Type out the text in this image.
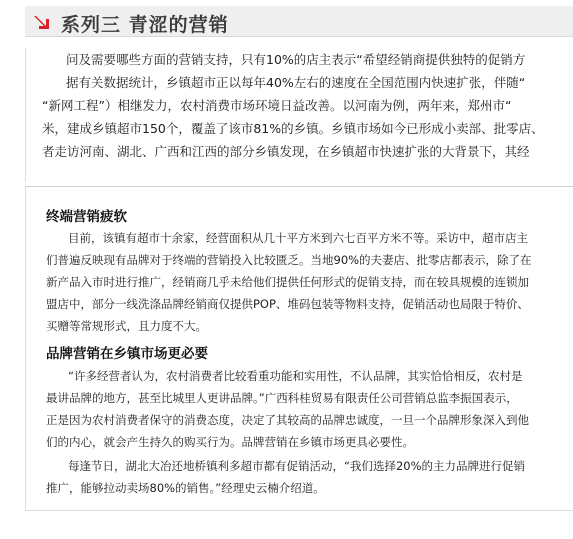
系列三 青涩的营销

问及需要哪些方面的营销支持，只有10%的店主表示“希望经销商提供独特的促销方

据有关数据统计，乡镇超市正以每年40%左右的速度在全国范围内快速扩张，伴随“

“新网工程”）相继发力，农村消费市场环境日益改善。以河南为例，两年来，郑州市“

米，建成乡镇超市150个，覆盖了该市81%的乡镇。乡镇市场如今已形成小卖部、批零店、

者走访河南、湖北、广西和江西的部分乡镇发现，在乡镇超市快速扩张的大背景下，其经

终端营销疲软

目前，该镇有超市十余家，经营面积从几十平方米到六七百平方米不等。采访中，超市店主

们普遍反映现有品牌对于终端的营销投入比较匮乏。当地90%的夫妻店、批零店都表示，除了在

新产品入市时进行推广，经销商几乎未给他们提供任何形式的促销支持，而在较具规模的连锁加

盟店中，部分一线洗涤品牌经销商仅提供POP、堆码包装等物料支持，促销活动也局限于特价、

买赠等常规形式，且力度不大。

品牌营销在乡镇市场更必要

“许多经营者认为，农村消费者比较看重功能和实用性，不认品牌，其实恰恰相反，农村是

最讲品牌的地方，甚至比城里人更讲品牌。”广西科桂贸易有限责任公司营销总监李振国表示，

正是因为农村消费者保守的消费态度，决定了其较高的品牌忠诚度，一旦一个品牌形象深入到他

们的内心，就会产生持久的购买行为。品牌营销在乡镇市场更具必要性。

每逢节日，湖北大冶还地桥镇利多超市都有促销活动，“我们选择20%的主力品牌进行促销

推广，能够拉动卖场80%的销售。”经理史云楠介绍道。
